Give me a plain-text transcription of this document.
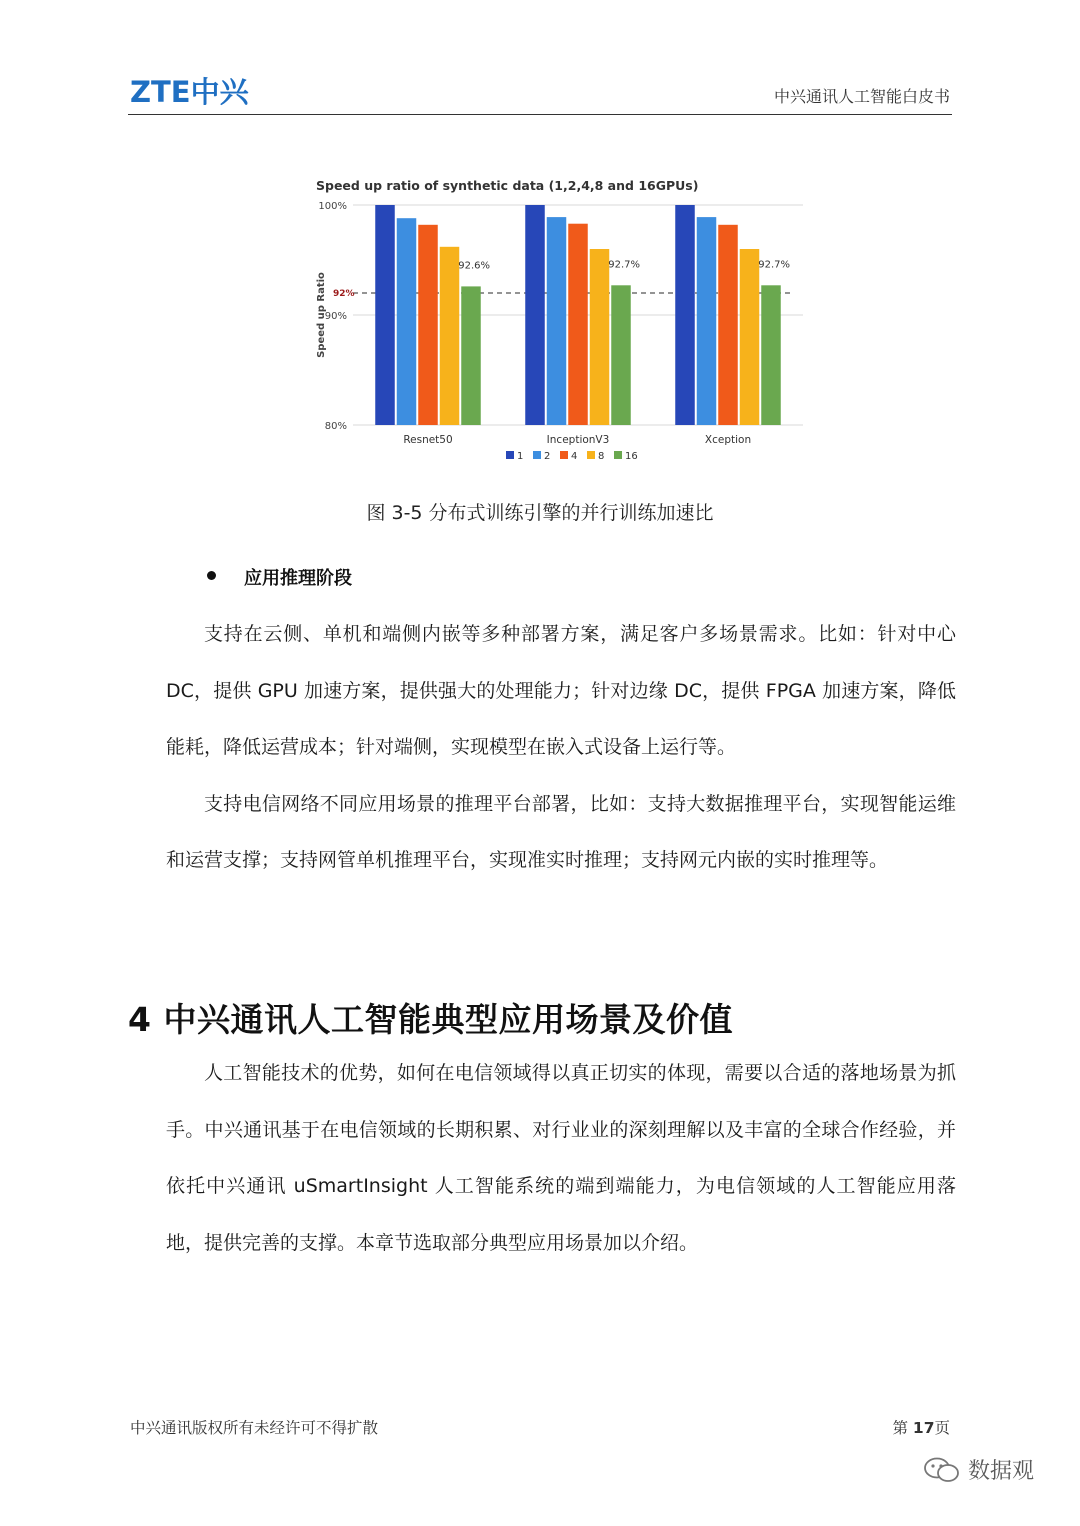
ZTE中兴	中兴通讯人工智能白皮书
Speed up ratio of synthetic data (1,2,4,8 and 16GPUs)
100%
90%
80%
Speed up Ratio
92.6%
Resnet50
92.7%
InceptionV3
92.7%
Xception
92%
1 2 4 8 16
图 3-5 分布式训练引擎的并行训练加速比
应用推理阶段

支持在云侧、单机和端侧内嵌等多种部署方案，满足客户多场景需求。比如：针对中心 DC，提供 GPU 加速方案，提供强大的处理能力；针对边缘 DC，提供 FPGA 加速方案，降低能耗，降低运营成本；针对端侧，实现模型在嵌入式设备上运行等。

支持电信网络不同应用场景的推理平台部署，比如：支持大数据推理平台，实现智能运维和运营支撑；支持网管单机推理平台，实现准实时推理；支持网元内嵌的实时推理等。

4 中兴通讯人工智能典型应用场景及价值

人工智能技术的优势，如何在电信领域得以真正切实的体现，需要以合适的落地场景为抓手。中兴通讯基于在电信领域的长期积累、对行业业的深刻理解以及丰富的全球合作经验，并依托中兴通讯 uSmartInsight 人工智能系统的端到端能力，为电信领域的人工智能应用落地，提供完善的支撑。本章节选取部分典型应用场景加以介绍。

中兴通讯版权所有未经许可不得扩散	第 17页
数据观
